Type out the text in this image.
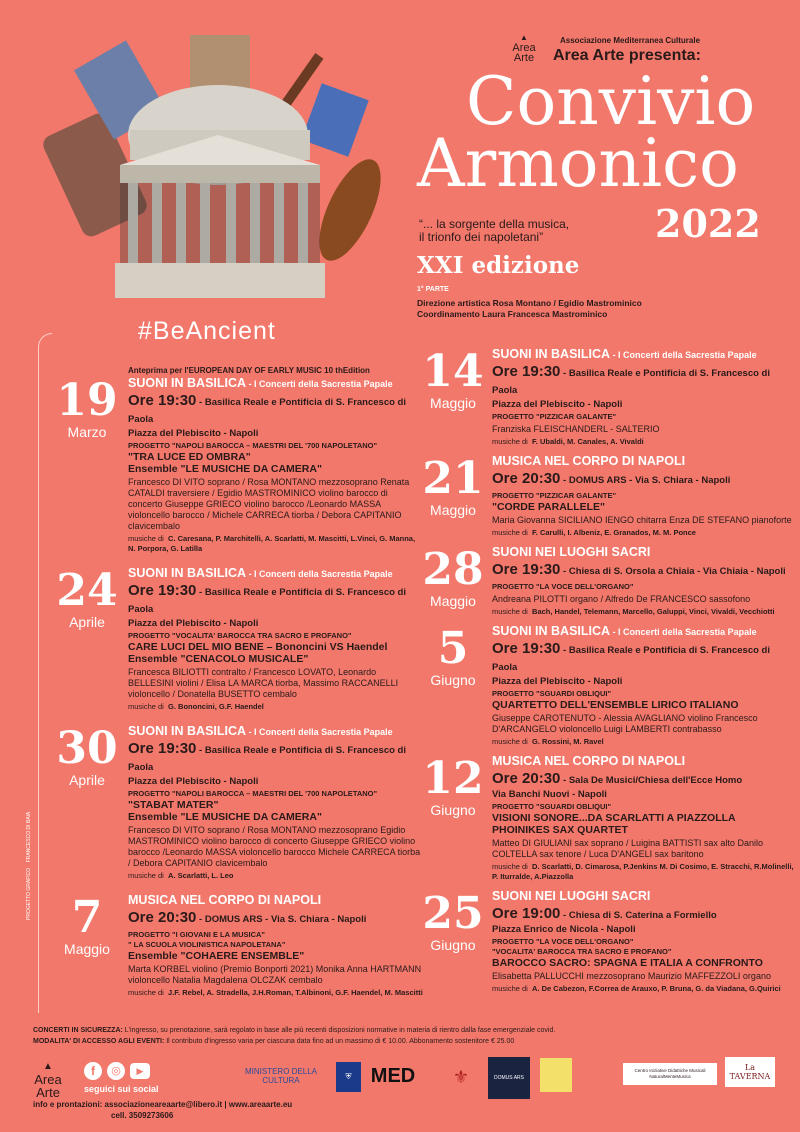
▲
Area Arte
Associazione Mediterranea Culturale
Area Arte presenta:
Convivio
Armonico
2022
“... la sorgente della musica,
il trionfo dei napoletani”
XXI edizione
1° PARTE
Direzione artistica Rosa Montano / Egidio Mastrominico
Coordinamento Laura Francesca Mastrominico
#BeAncient
PROGETTO GRAFICO    FRANCESCO DI BAIA
19
Marzo
Anteprima per l'EUROPEAN DAY OF EARLY MUSIC 10 thEdition
SUONI IN BASILICA - I Concerti della Sacrestia Papale
Ore 19:30 - Basilica Reale e Pontificia di S. Francesco di Paola
Piazza del Plebiscito - Napoli
PROGETTO "NAPOLI BAROCCA – MAESTRI DEL '700 NAPOLETANO"
"TRA LUCE ED OMBRA"
Ensemble "LE MUSICHE DA CAMERA"
Francesco DI VITO soprano / Rosa MONTANO mezzosoprano Renata CATALDI traversiere / Egidio MASTROMINICO violino barocco diconcerto Giuseppe GRIECO violino barocco /Leonardo MASSA violoncello barocco / Michele CARRECA tiorba / Debora CAPITANIO clavicembalo
musiche di C. Caresana, P. Marchitelli, A. Scarlatti, M. Mascitti, L.Vinci, G. Manna, N. Porpora, G. Latilla
24
Aprile
SUONI IN BASILICA - I Concerti della Sacrestia Papale
Ore 19:30 - Basilica Reale e Pontificia di S. Francesco di Paola
Piazza del Plebiscito - Napoli
PROGETTO "VOCALITA' BAROCCA TRA SACRO E PROFANO"
CARE LUCI DEL MIO BENE – Bononcini VS Haendel
Ensemble "CENACOLO MUSICALE"
Francesca BILIOTTI contralto / Francesco LOVATO, Leonardo BELLESINI violini / Elisa LA MARCA tiorba, Massimo RACCANELLI violoncello / Donatella BUSETTO cembalo
musiche di G. Bononcini, G.F. Haendel
30
Aprile
SUONI IN BASILICA - I Concerti della Sacrestia Papale
Ore 19:30 - Basilica Reale e Pontificia di S. Francesco di Paola
Piazza del Plebiscito - Napoli
PROGETTO "NAPOLI BAROCCA – MAESTRI DEL '700 NAPOLETANO"
"STABAT MATER"
Ensemble "LE MUSICHE DA CAMERA"
Francesco DI VITO soprano / Rosa MONTANO mezzosoprano Egidio MASTROMINICO violino barocco di concerto Giuseppe GRIECO violino barocco /Leonardo MASSA violoncello barocco Michele CARRECA tiorba / Debora CAPITANIO clavicembalo
musiche di A. Scarlatti, L. Leo
7
Maggio
MUSICA NEL CORPO DI NAPOLI
Ore 20:30 - DOMUS ARS - Via S. Chiara - Napoli
PROGETTO "I GIOVANI E LA MUSICA"
" LA SCUOLA VIOLINISTICA NAPOLETANA"
Ensemble "COHAERE ENSEMBLE"
Marta KORBEL violino (Premio Bonporti 2021) Monika Anna HARTMANN violoncello Natalia Magdalena OLCZAK cembalo
musiche di J.F. Rebel, A. Stradella, J.H.Roman, T.Albinoni, G.F. Haendel, M. Mascitti
14
Maggio
SUONI IN BASILICA - I Concerti della Sacrestia Papale
Ore 19:30 - Basilica Reale e Pontificia di S. Francesco di Paola
Piazza del Plebiscito - Napoli
PROGETTO "PIZZICAR GALANTE"
Franziska FLEISCHANDERL - SALTERIO
musiche di F. Ubaldi, M. Canales, A. Vivaldi
21
Maggio
MUSICA NEL CORPO DI NAPOLI
Ore 20:30 - DOMUS ARS - Via S. Chiara - Napoli
PROGETTO "PIZZICAR GALANTE"
"CORDE PARALLELE"
Maria Giovanna SICILIANO IENGO chitarra Enza DE STEFANO pianoforte
musiche di F. Carulli, I. Albeniz, E. Granados, M. M. Ponce
28
Maggio
SUONI NEI LUOGHI SACRI
Ore 19:30 - Chiesa di S. Orsola a Chiaia - Via Chiaia - Napoli
PROGETTO "LA VOCE DELL'ORGANO"
Andreana PILOTTI organo / Alfredo De FRANCESCO sassofono
musiche di Bach, Handel, Telemann, Marcello, Galuppi, Vinci, Vivaldi, Vecchiotti
5
Giugno
SUONI IN BASILICA - I Concerti della Sacrestia Papale
Ore 19:30 - Basilica Reale e Pontificia di S. Francesco di Paola
Piazza del Plebiscito - Napoli
PROGETTO "SGUARDI OBLIQUI"
QUARTETTO DELL'ENSEMBLE LIRICO ITALIANO
Giuseppe CAROTENUTO - Alessia AVAGLIANO violino Francesco D'ARCANGELO violoncello Luigi LAMBERTI contrabasso
musiche di G. Rossini, M. Ravel
12
Giugno
MUSICA NEL CORPO DI NAPOLI
Ore 20:30 - Sala De Musici/Chiesa dell'Ecce Homo
Via Banchi Nuovi - Napoli
PROGETTO "SGUARDI OBLIQUI"
VISIONI SONORE...DA SCARLATTI A PIAZZOLLA
PHOINIKES SAX QUARTET
Matteo DI GIULIANI sax soprano / Luigina BATTISTI sax alto Danilo COLTELLA sax tenore / Luca D'ANGELI sax baritono
musiche di D. Scarlatti, D. Cimarosa, P.Jenkins M. Di Cosimo, E. Stracchi, R.Molinelli, P. Iturralde, A.Piazzolla
25
Giugno
SUONI NEI LUOGHI SACRI
Ore 19:00 - Chiesa di S. Caterina a Formiello
Piazza Enrico de Nicola - Napoli
PROGETTO "LA VOCE DELL'ORGANO"
"VOCALITA' BAROCCA TRA SACRO E PROFANO"
BAROCCO SACRO: SPAGNA E ITALIA A CONFRONTO
Elisabetta PALLUCCHI mezzosoprano Maurizio MAFFEZZOLI organo
musiche di A. De Cabezon, F.Correa de Arauxo, P. Bruna, G. da Viadana, G.Quirici
CONCERTI IN SICUREZZA: L'ingresso, su prenotazione, sarà regolato in base alle più recenti disposizioni normative in materia di rientro dalla fase emergenziale covid.
MODALITA' DI ACCESSO AGLI EVENTI: Il contributo d'ingresso varia per ciascuna data fino ad un massimo di € 10.00. Abbonamento sostenitore € 25.00
▲
Area Arte
f	◎	▶
seguici sui social
info e prontazioni: associazioneareaarte@libero.it | www.areaarte.eu
cell. 3509273606
MINISTERO DELLA CULTURA	⛨ MED ⚜	DOMUS ARS
Centro Iniziative Didattiche Musicali NaturalMenteMusica
La TAVERNA
